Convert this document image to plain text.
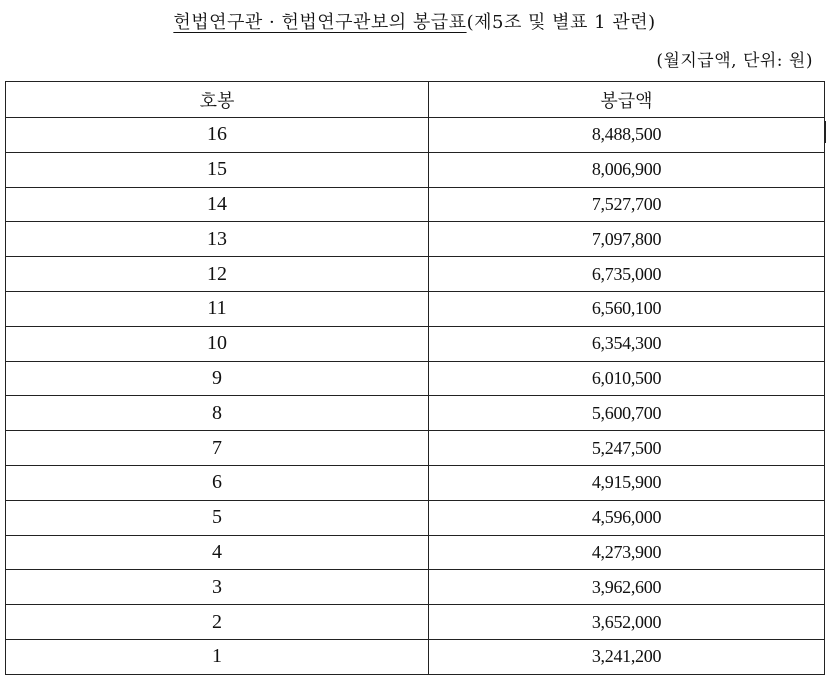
헌법연구관 · 헌법연구관보의 봉급표(제5조 및 별표 1 관련)
(월지급액, 단위: 원)
호봉	봉급액
16	8,488,500
15	8,006,900
14	7,527,700
13	7,097,800
12	6,735,000
11	6,560,100
10	6,354,300
9	6,010,500
8	5,600,700
7	5,247,500
6	4,915,900
5	4,596,000
4	4,273,900
3	3,962,600
2	3,652,000
1	3,241,200
